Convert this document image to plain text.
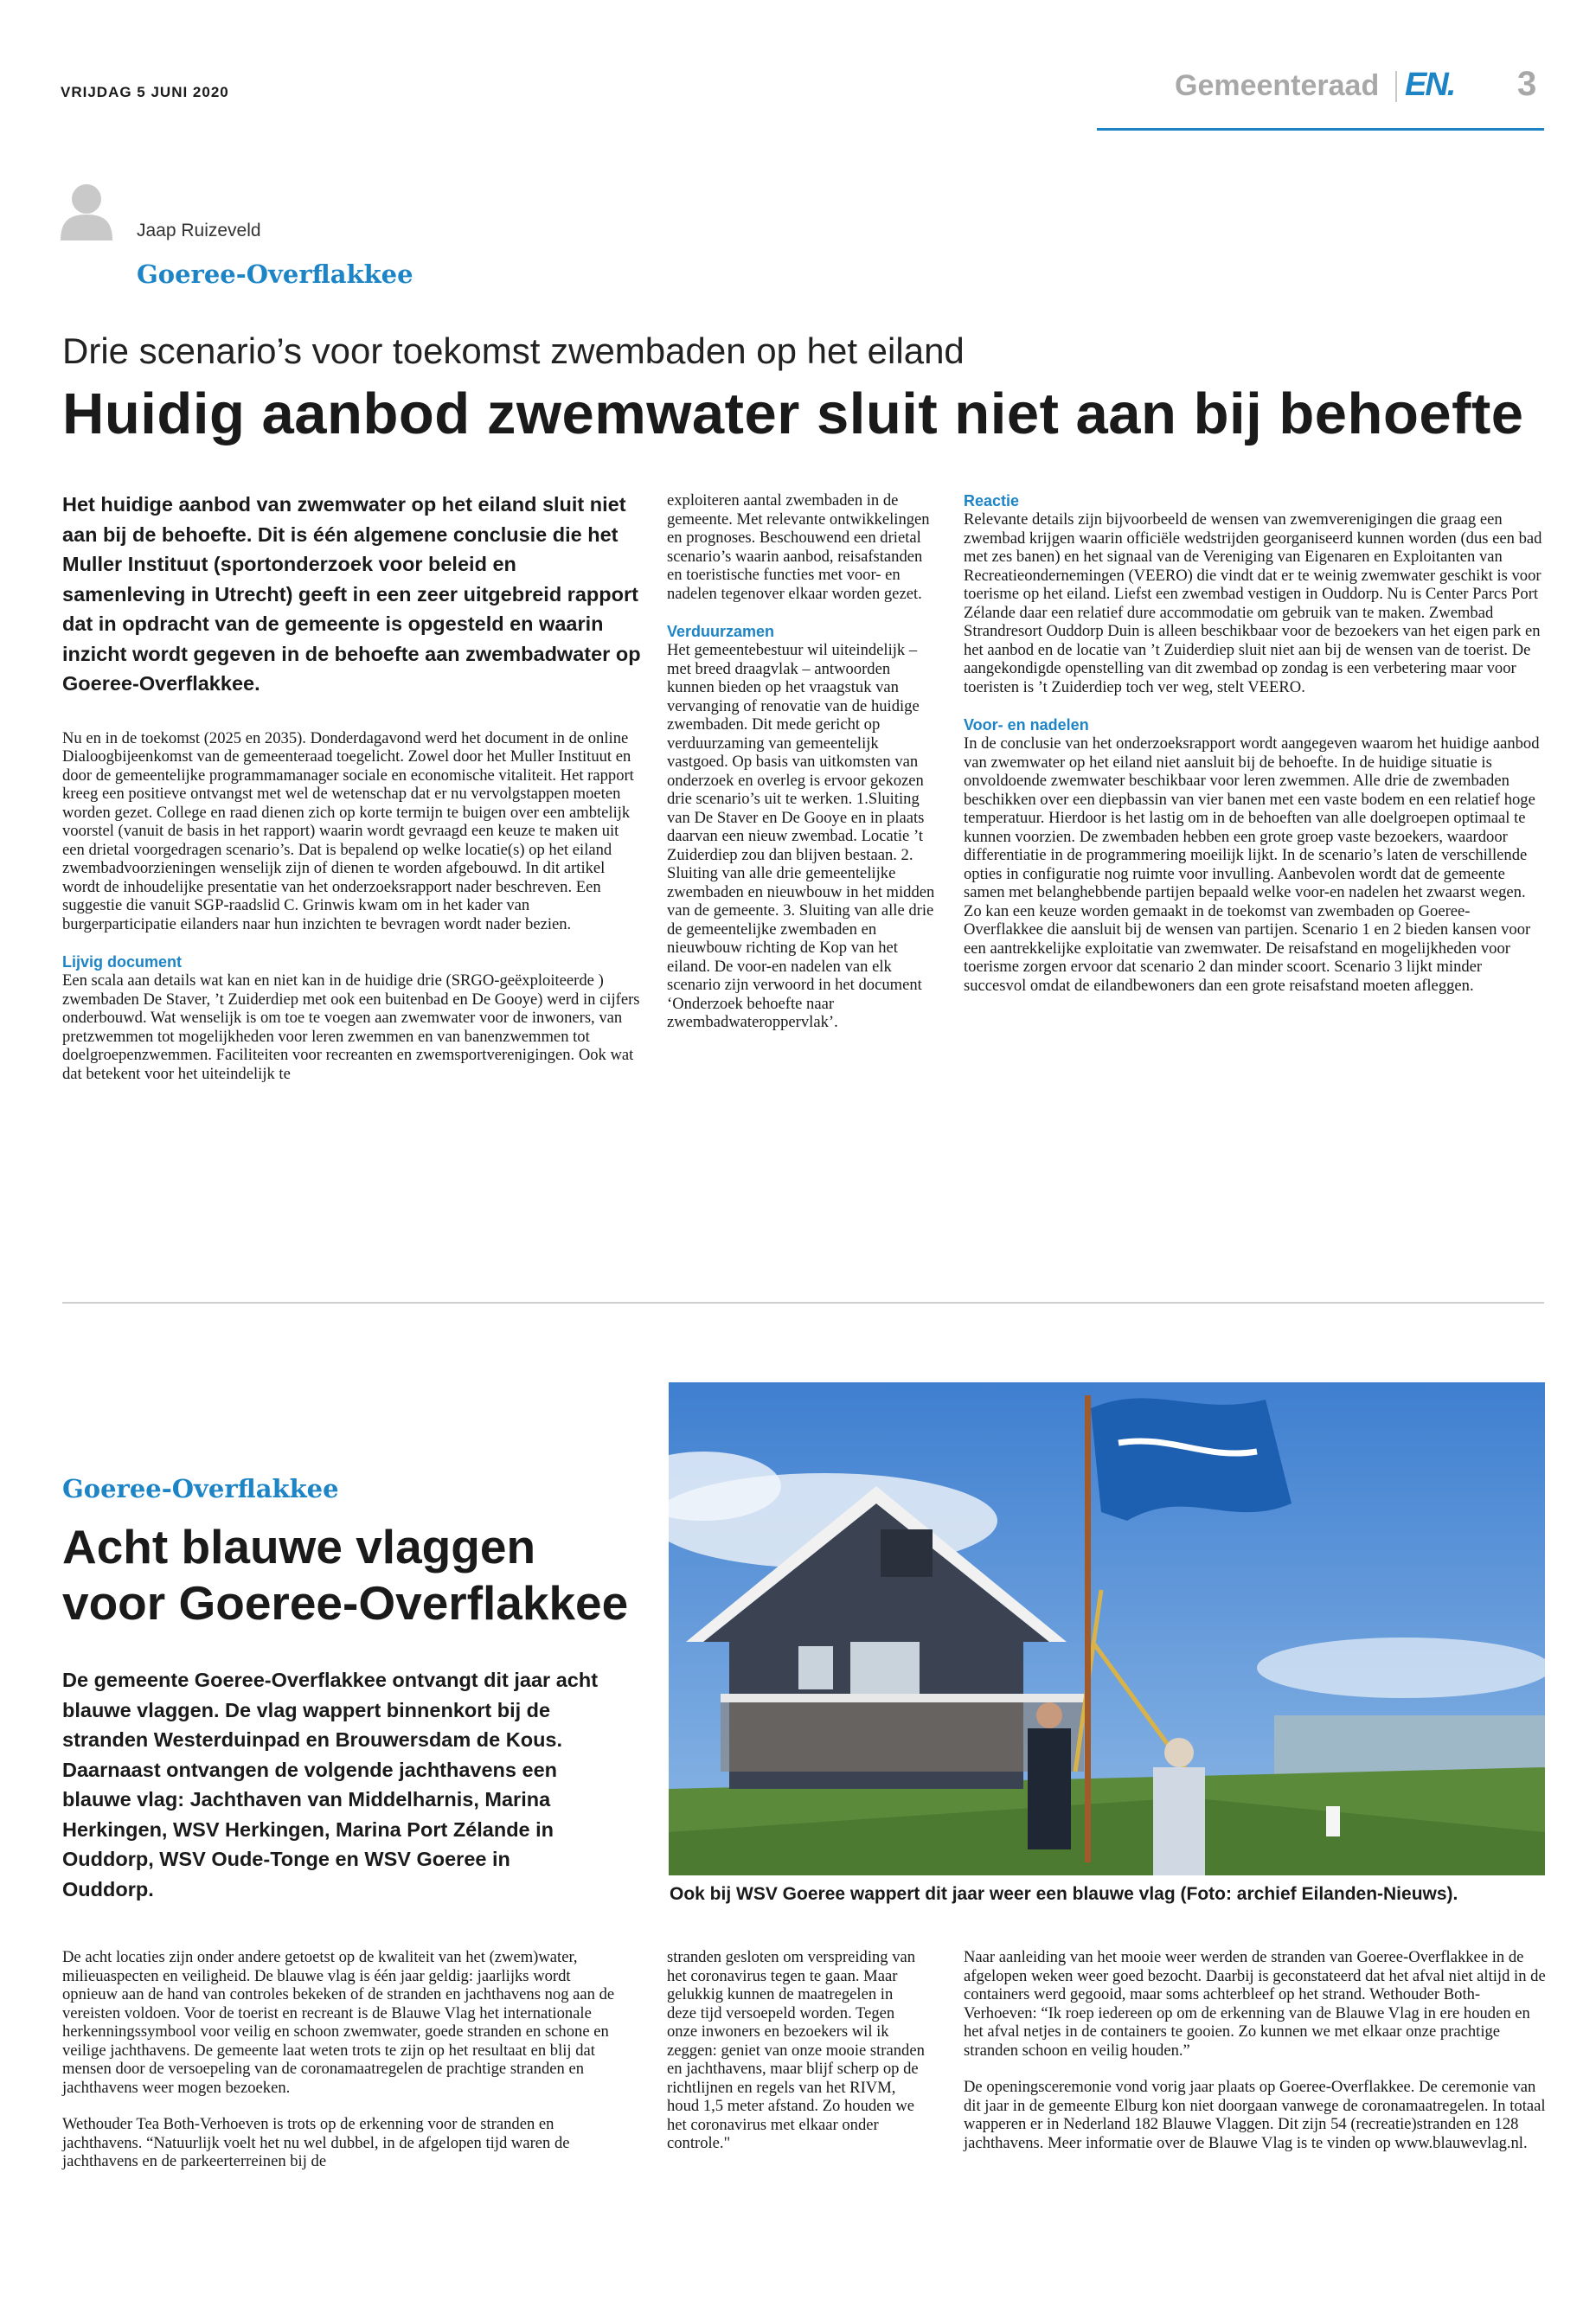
VRIJDAG 5 JUNI 2020	Gemeenteraad EN. 3
Jaap Ruizeveld
Goeree-Overflakkee
Drie scenario’s voor toekomst zwembaden op het eiland
Huidig aanbod zwemwater sluit niet aan bij behoefte

Het huidige aanbod van zwemwater op het eiland sluit niet aan bij de behoefte. Dit is één algemene conclusie die het Muller Instituut (sportonderzoek voor beleid en samenleving in Utrecht) geeft in een zeer uitgebreid rapport dat in opdracht van de gemeente is opgesteld en waarin inzicht wordt gegeven in de behoefte aan zwembadwater op Goeree-Overflakkee.

Nu en in de toekomst (2025 en 2035). Donderdagavond werd het document in de online Dialoogbijeenkomst van de gemeenteraad toegelicht. Zowel door het Muller Instituut en door de gemeentelijke programmamanager sociale en economische vitaliteit. Het rapport kreeg een positieve ontvangst met wel de wetenschap dat er nu vervolgstappen moeten worden gezet. College en raad dienen zich op korte termijn te buigen over een ambtelijk voorstel (vanuit de basis in het rapport) waarin wordt gevraagd een keuze te maken uit een drietal voorgedragen scenario’s. Dat is bepalend op welke locatie(s) op het eiland zwembadvoorzieningen wenselijk zijn of dienen te worden afgebouwd. In dit artikel wordt de inhoudelijke presentatie van het onderzoeksrapport nader beschreven. Een suggestie die vanuit SGP-raadslid C. Grinwis kwam om in het kader van burgerparticipatie eilanders naar hun inzichten te bevragen wordt nader bezien.

Lijvig document

Een scala aan details wat kan en niet kan in de huidige drie (SRGO-geëxploiteerde ) zwembaden De Staver, ’t Zuiderdiep met ook een buitenbad en De Gooye) werd in cijfers onderbouwd. Wat wenselijk is om toe te voegen aan zwemwater voor de inwoners, van pretzwemmen tot mogelijkheden voor leren zwemmen en van banenzwemmen tot doelgroepenzwemmen. Faciliteiten voor recreanten en zwemsportverenigingen. Ook wat dat betekent voor het uiteindelijk te

exploiteren aantal zwembaden in de gemeente. Met relevante ontwikkelingen en prognoses. Beschouwend een drietal scenario’s waarin aanbod, reisafstanden en toeristische functies met voor- en nadelen tegenover elkaar worden gezet.

Verduurzamen

Het gemeentebestuur wil uiteindelijk – met breed draagvlak – antwoorden kunnen bieden op het vraagstuk van vervanging of renovatie van de huidige zwembaden. Dit mede gericht op verduurzaming van gemeentelijk vastgoed. Op basis van uitkomsten van onderzoek en overleg is ervoor gekozen drie scenario’s uit te werken. 1.Sluiting van De Staver en De Gooye en in plaats daarvan een nieuw zwembad. Locatie ’t Zuiderdiep zou dan blijven bestaan. 2. Sluiting van alle drie gemeentelijke zwembaden en nieuwbouw in het midden van de gemeente. 3. Sluiting van alle drie de gemeentelijke zwembaden en nieuwbouw richting de Kop van het eiland. De voor-en nadelen van elk scenario zijn verwoord in het document ‘Onderzoek behoefte naar zwembadwateroppervlak’.

Reactie

Relevante details zijn bijvoorbeeld de wensen van zwemverenigingen die graag een zwembad krijgen waarin officiële wedstrijden georganiseerd kunnen worden (dus een bad met zes banen) en het signaal van de Vereniging van Eigenaren en Exploitanten van Recreatieondernemingen (VEERO) die vindt dat er te weinig zwemwater geschikt is voor toerisme op het eiland. Liefst een zwembad vestigen in Ouddorp. Nu is Center Parcs Port Zélande daar een relatief dure accommodatie om gebruik van te maken. Zwembad Strandresort Ouddorp Duin is alleen beschikbaar voor de bezoekers van het eigen park en het aanbod en de locatie van ’t Zuiderdiep sluit niet aan bij de wensen van de toerist. De aangekondigde openstelling van dit zwembad op zondag is een verbetering maar voor toeristen is ’t Zuiderdiep toch ver weg, stelt VEERO.

Voor- en nadelen

In de conclusie van het onderzoeksrapport wordt aangegeven waarom het huidige aanbod van zwemwater op het eiland niet aansluit bij de behoefte. In de huidige situatie is onvoldoende zwemwater beschikbaar voor leren zwemmen. Alle drie de zwembaden beschikken over een diepbassin van vier banen met een vaste bodem en een relatief hoge temperatuur. Hierdoor is het lastig om in de behoeften van alle doelgroepen optimaal te kunnen voorzien. De zwembaden hebben een grote groep vaste bezoekers, waardoor differentiatie in de programmering moeilijk lijkt. In de scenario’s laten de verschillende opties in configuratie nog ruimte voor invulling. Aanbevolen wordt dat de gemeente samen met belanghebbende partijen bepaald welke voor-en nadelen het zwaarst wegen. Zo kan een keuze worden gemaakt in de toekomst van zwembaden op Goeree-Overflakkee die aansluit bij de wensen van partijen. Scenario 1 en 2 bieden kansen voor een aantrekkelijke exploitatie van zwemwater. De reisafstand en mogelijkheden voor toerisme zorgen ervoor dat scenario 2 dan minder scoort. Scenario 3 lijkt minder succesvol omdat de eilandbewoners dan een grote reisafstand moeten afleggen.

Goeree-Overflakkee
Acht blauwe vlaggen
voor Goeree-Overflakkee

De gemeente Goeree-Overflakkee ontvangt dit jaar acht blauwe vlaggen. De vlag wappert binnenkort bij de stranden Westerduinpad en Brouwersdam de Kous. Daarnaast ontvangen de volgende jachthavens een blauwe vlag: Jachthaven van Middelharnis, Marina Herkingen, WSV Herkingen, Marina Port Zélande in Ouddorp, WSV Oude-Tonge en WSV Goeree in Ouddorp.	Ook bij WSV Goeree wappert dit jaar weer een blauwe vlag (Foto: archief Eilanden-Nieuws).

De acht locaties zijn onder andere getoetst op de kwaliteit van het (zwem)water, milieuaspecten en veiligheid. De blauwe vlag is één jaar geldig: jaarlijks wordt opnieuw aan de hand van controles bekeken of de stranden en jachthavens nog aan de vereisten voldoen. Voor de toerist en recreant is de Blauwe Vlag het internationale herkenningssymbool voor veilig en schoon zwemwater, goede stranden en schone en veilige jachthavens. De gemeente laat weten trots te zijn op het resultaat en blij dat mensen door de versoepeling van de coronamaatregelen de prachtige stranden en jachthavens weer mogen bezoeken.

Wethouder Tea Both-Verhoeven is trots op de erkenning voor de stranden en jachthavens. “Natuurlijk voelt het nu wel dubbel, in de afgelopen tijd waren de jachthavens en de parkeerterreinen bij de

stranden gesloten om verspreiding van het coronavirus tegen te gaan. Maar gelukkig kunnen de maatregelen in deze tijd versoepeld worden. Tegen onze inwoners en bezoekers wil ik zeggen: geniet van onze mooie stranden en jachthavens, maar blijf scherp op de richtlijnen en regels van het RIVM, houd 1,5 meter afstand. Zo houden we het coronavirus met elkaar onder controle."

Naar aanleiding van het mooie weer werden de stranden van Goeree-Overflakkee in de afgelopen weken weer goed bezocht. Daarbij is geconstateerd dat het afval niet altijd in de containers werd gegooid, maar soms achterbleef op het strand. Wethouder Both-Verhoeven: “Ik roep iedereen op om de erkenning van de Blauwe Vlag in ere houden en het afval netjes in de containers te gooien. Zo kunnen we met elkaar onze prachtige stranden schoon en veilig houden.”

De openingsceremonie vond vorig jaar plaats op Goeree-Overflakkee. De ceremonie van dit jaar in de gemeente Elburg kon niet doorgaan vanwege de coronamaatregelen. In totaal wapperen er in Nederland 182 Blauwe Vlaggen. Dit zijn 54 (recreatie)stranden en 128 jachthavens. Meer informatie over de Blauwe Vlag is te vinden op www.blauwevlag.nl.
